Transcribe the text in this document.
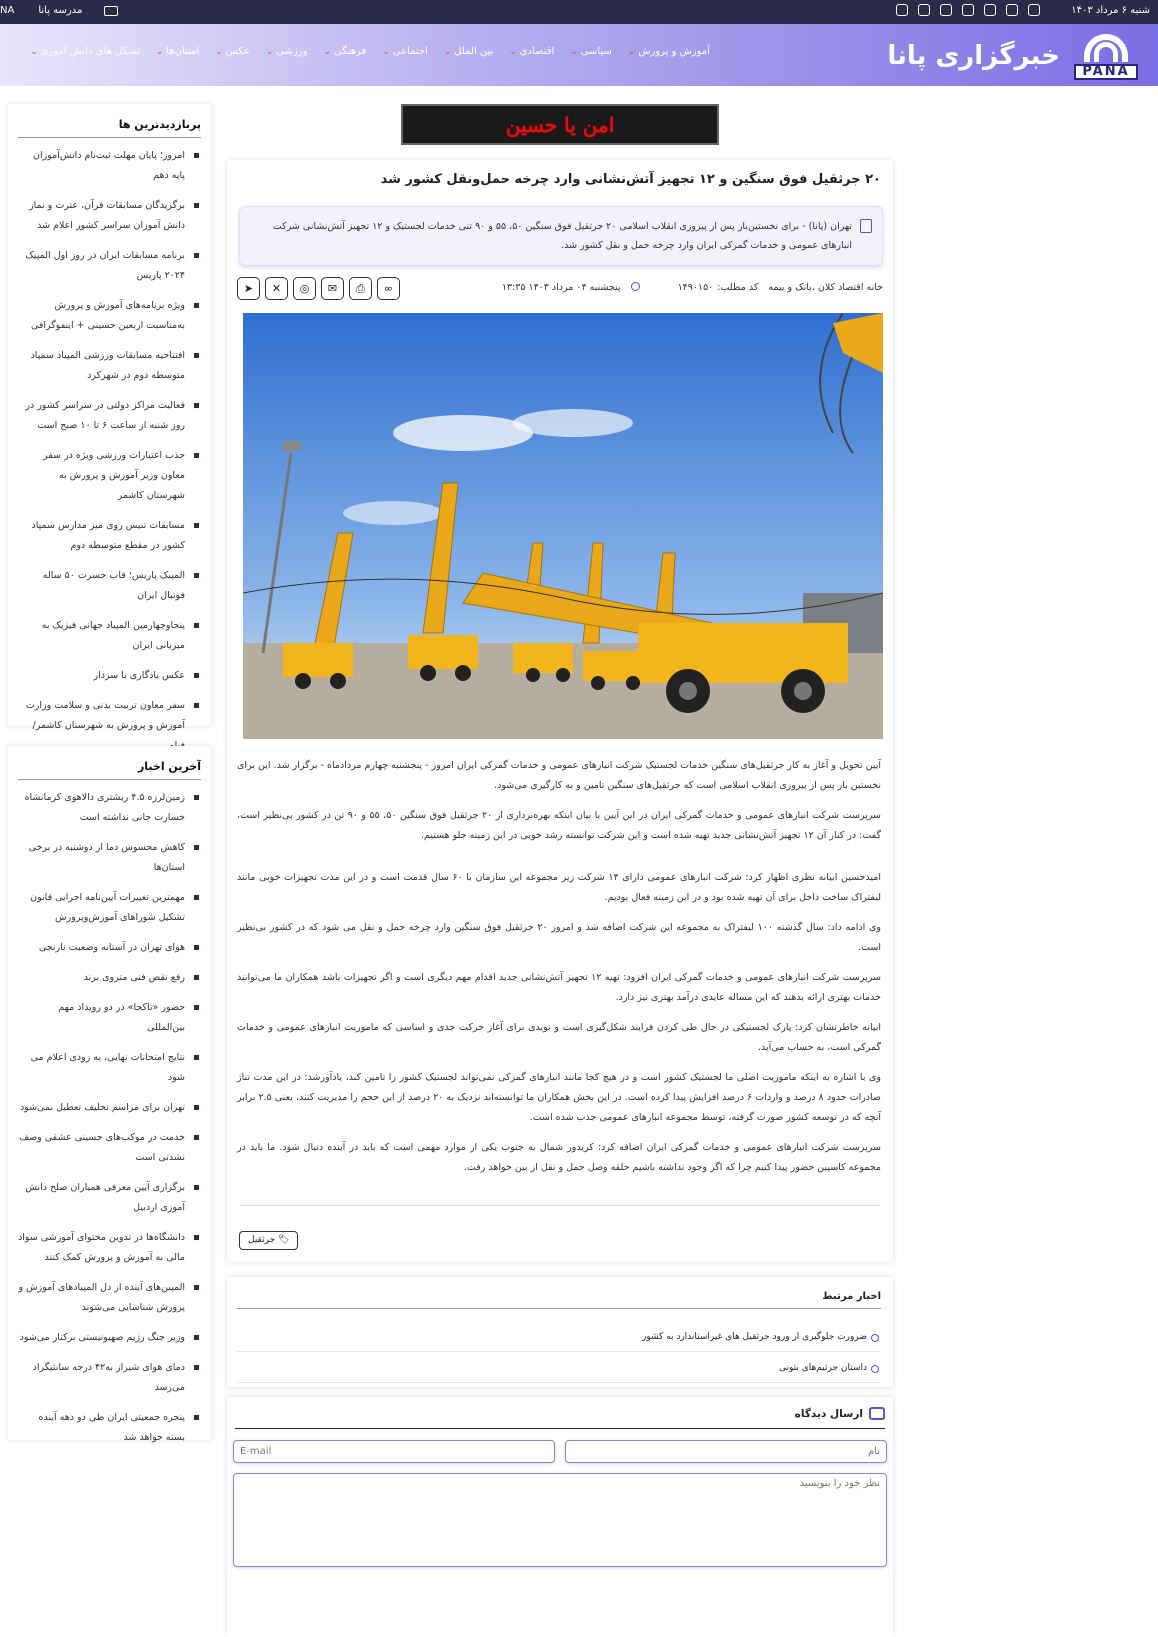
شنبه ۶ مرداد ۱۴۰۳
NA مدرسه پانا
PANA
خبرگزاری پانا
آموزش و پرورش ⌄
سیاسی ⌄
اقتصادی ⌄
بین الملل ⌄
اجتماعی ⌄
فرهنگی ⌄
ورزشی ⌄
عکس ⌄
استان‌ها ⌄
تشکل های دانش آموزی ⌄
پربازدیدترین ها
امروز؛ پایان مهلت ثبت‌نام دانش‌آموزان پایه دهم
برگزیدگان مسابقات قرآن، عترت و نماز دانش آموزان سراسر کشور اعلام شد
برنامه مسابقات ایران در روز اول المپیک ۲۰۲۴ پاریس
ویژه برنامه‌های آموزش و پرورش به‌مناسبت اربعین حسینی + اینفوگرافی
افتتاحیه مسابقات ورزشی المپیاد سمپاد متوسطه دوم در شهرکرد
فعالیت مراکز دولتی در سراسر کشور در روز شنبه از ساعت ۶ تا ۱۰ صبح است
جذب اعتبارات ورزشی ویژه در سفر معاون وزیر آموزش و پرورش به شهرستان کاشمر
مسابقات تنیس روی میز مدارس سمپاد کشور در مقطع متوسطه دوم
المپیک پاریس؛ قاب حسرت ۵۰ ساله فوتبال ایران
پنجاوچهارمین المپیاد جهانی فیزیک به میزبانی ایران
عکس یادگاری با سردار
سفر معاون تربیت بدنی و سلامت وزارت آموزش و پرورش به شهرستان کاشمر/
آخرین اخبار
زمین‌لرزه ۴.۵ ریشتری دالاهوی کرمانشاه خسارت جانی نداشته است
کاهش محسوس دما از دوشنبه در برخی استان‌ها
مهمترین تغییرات آیین‌نامه اجرایی قانون تشکیل شوراهای آموزش‌وپرورش
هوای تهران در آستانه وضعیت نارنجی
رفع نقص فنی متروی برند
حضور «تاکجا» در دو رویداد مهم بین‌المللی
نتایج امتحانات نهایی، به زودی اعلام می شود
تهران برای مراسم تحلیف تعطیل نمی‌شود
خدمت در موکب‌های حسینی عشقی وصف نشدنی است
برگزاری آیین معرفی همیاران صلح دانش آموزی اردبیل
دانشگاه‌ها در تدوین محتوای آموزشی سواد مالی به آموزش و پرورش کمک کنند
المپین‌های آینده از دل المپیادهای آموزش و پرورش شناسایی می‌شوند
وزیر جنگ رژیم صهیونیستی برکنار می‌شود
دمای هوای شیراز به۴۲ درجه سانتیگراد می‌رسد
پنجره جمعیتی ایران طی دو دهه آینده بسته خواهد شد
امن یا حسین
۲۰ جرثقیل فوق سنگین و ۱۲ تجهیز آتش‌نشانی وارد چرخه حمل‌ونقل کشور شد
تهران (پانا) - برای نخستین‌بار پس از پیروزی انقلاب اسلامی ۲۰ جرثقیل فوق سنگین ۵۰، ۵۵ و ۹۰ تنی خدمات لجستیک و ۱۲ تجهیز آتش‌نشانی شرکت انبارهای عمومی و خدمات گمرکی ایران وارد چرخه حمل و نقل کشور شد.
خانه اقتصاد کلان ،بانک و بیمه
کد مطلب:
۱۴۹۰۱۵۰
پنجشنبه ۰۴ مرداد ۱۴۰۳ ۱۳:۳۵
➤	✕	◎	✉	⎙	∞

آیین تحویل و آغاز به کار جرثقیل‌های سنگین خدمات لجستیک شرکت انبارهای عمومی و خدمات گمرکی ایران امروز - پنجشنبه چهارم مردادماه - برگزار شد. این برای نخستین بار پس از پیروزی انقلاب اسلامی است که جرثقیل‌های سنگین تامین و به کارگیری می‌شود.

سرپرست شرکت انبارهای عمومی و خدمات گمرکی ایران در این آیین با بیان اینکه بهره‌برداری از ۲۰ جرثقیل فوق سنگین ۵۰، ۵۵ و ۹۰ تن در کشور بی‌نظیر است، گفت: در کنار آن ۱۲ تجهیز آتش‌نشانی جدید تهیه شده است و این شرکت توانسته رشد خوبی در این زمینه جلو هستیم.

امیدحسین ابیانه نظری اظهار کرد: شرکت انبارهای عمومی دارای ۱۴ شرکت زیر مجموعه این سازمان با ۶۰ سال قدمت است و در این مدت تجهیزات خوبی مانند لیفتراک ساخت داخل برای آن تهیه شده بود و در این زمینه فعال بودیم.

وی ادامه داد: سال گذشته ۱۰۰ لیفتراک به مجموعه این شرکت اضافه شد و امروز ۲۰ جرثقیل فوق سنگین وارد چرخه حمل و نقل می شود که در کشور بی‌نظیر است.

سرپرست شرکت انبارهای عمومی و خدمات گمرکی ایران افزود: تهیه ۱۲ تجهیز آتش‌نشانی جدید اقدام مهم دیگری است و اگر تجهیزات باشد همکاران ما می‌توانند خدمات بهتری ارائه بدهند که این مساله عایدی درآمد بهتری نیز دارد.

ابیانه خاطرنشان کرد: پارک لجستیکی در حال طی کردن فرایند شکل‌گیری است و نویدی برای آغاز حرکت جدی و اساسی که ماموریت انبارهای عمومی و خدمات گمرکی است، به حساب می‌آید.

وی با اشاره به اینکه ماموریت اصلی ما لجستیک کشور است و در هیچ کجا مانند انبارهای گمرکی نمی‌تواند لجستیک کشور را تامین کند، یادآورشد: در این مدت تناژ صادرات حدود ۸ درصد و واردات ۶ درصد افزایش پیدا کرده است. در این بخش همکاران ما توانسته‌اند نزدیک به ۲۰ درصد از این حجم را مدیریت کنند، یعنی ۲.۵ برابر آنچه که در توسعه کشور صورت گرفته، توسط مجموعه انبارهای عمومی جذب شده است.

سرپرست شرکت انبارهای عمومی و خدمات گمرکی ایران اضافه کرد: کریدور شمال به جنوب یکی از موارد مهمی است که باید در آینده دنبال شود. ما باید در مجموعه کاسپین حضور پیدا کنیم چرا که اگر وجود نداشته باشیم حلقه وصل حمل و نقل از بین خواهد رفت.

🏷 جرثقیل
اخبار مرتبط
ضرورت جلوگیری از ورود جرثقیل های غیراستاندارد به کشور
داستان جرثیم‌های بتونی
ارسال دیدگاه
نام
E-mail
نظر خود را بنویسید
